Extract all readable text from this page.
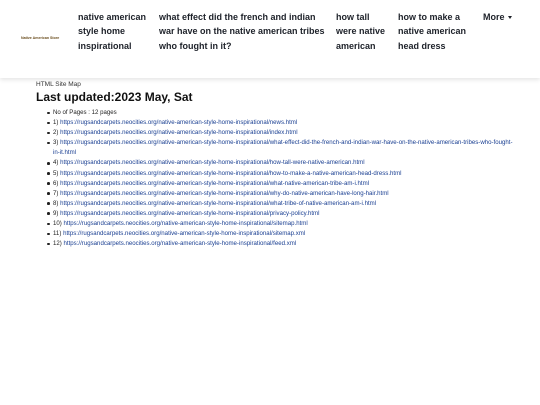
Native American Store
native american style home inspirational
what effect did the french and indian war have on the native american tribes who fought in it?
how tall were native american
how to make a native american head dress
More
HTML Site Map
Last updated:2023 May, Sat
No of Pages : 12 pages
1) https://rugsandcarpets.neocities.org/native-american-style-home-inspirational/news.html
2) https://rugsandcarpets.neocities.org/native-american-style-home-inspirational/index.html
3) https://rugsandcarpets.neocities.org/native-american-style-home-inspirational/what-effect-did-the-french-and-indian-war-have-on-the-native-american-tribes-who-fought-in-it.html
4) https://rugsandcarpets.neocities.org/native-american-style-home-inspirational/how-tall-were-native-american.html
5) https://rugsandcarpets.neocities.org/native-american-style-home-inspirational/how-to-make-a-native-american-head-dress.html
6) https://rugsandcarpets.neocities.org/native-american-style-home-inspirational/what-native-american-tribe-am-i.html
7) https://rugsandcarpets.neocities.org/native-american-style-home-inspirational/why-do-native-american-have-long-hair.html
8) https://rugsandcarpets.neocities.org/native-american-style-home-inspirational/what-tribe-of-native-american-am-i.html
9) https://rugsandcarpets.neocities.org/native-american-style-home-inspirational/privacy-policy.html
10) https://rugsandcarpets.neocities.org/native-american-style-home-inspirational/sitemap.html
11) https://rugsandcarpets.neocities.org/native-american-style-home-inspirational/sitemap.xml
12) https://rugsandcarpets.neocities.org/native-american-style-home-inspirational/feed.xml
